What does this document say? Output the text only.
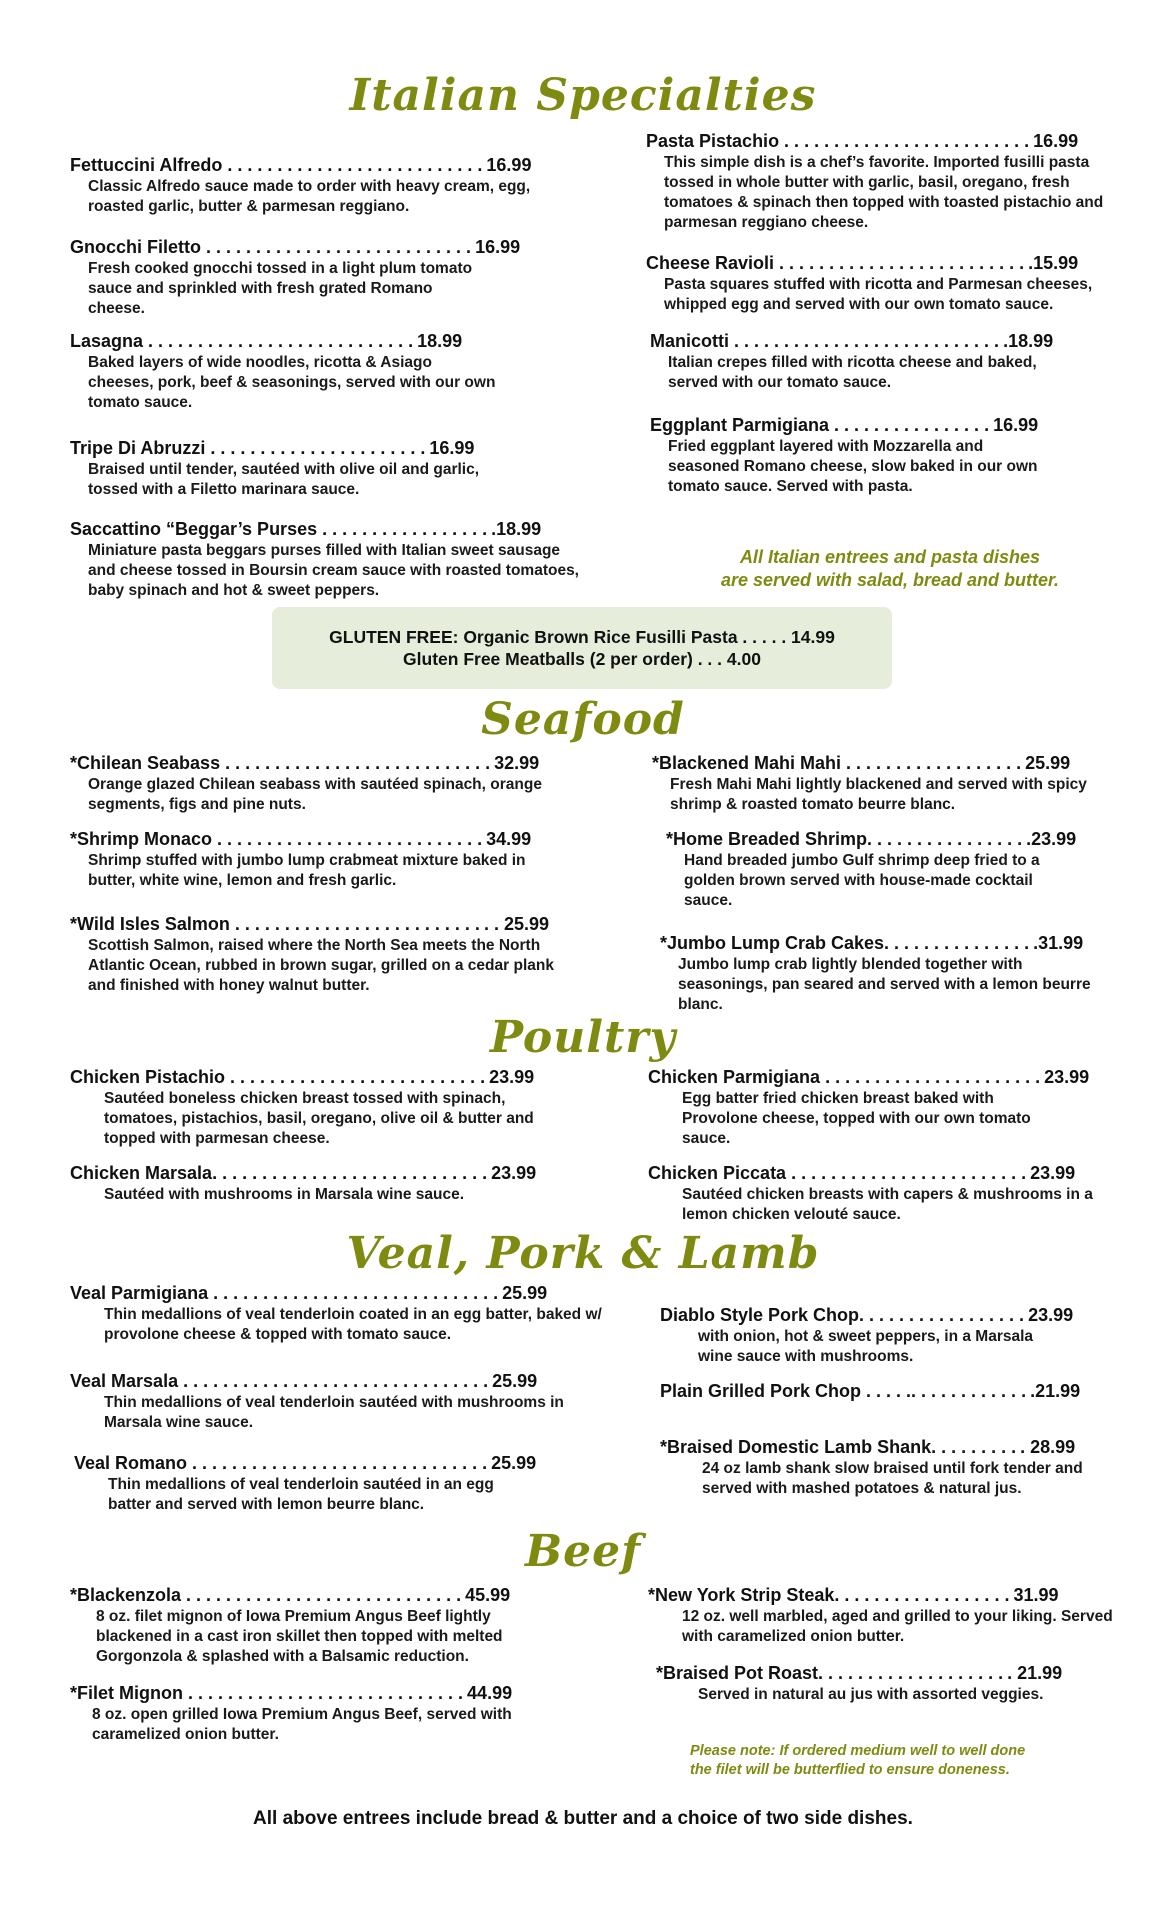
Italian Specialties
Fettuccini Alfredo . . . . . . . . . . . . . . . . . . . . . . . . . . 16.99
Classic Alfredo sauce made to order with heavy cream, egg, roasted garlic, butter & parmesan reggiano.
Gnocchi Filetto . . . . . . . . . . . . . . . . . . . . . . . . . . . 16.99
Fresh cooked gnocchi tossed in a light plum tomato sauce and sprinkled with fresh grated Romano cheese.
Lasagna . . . . . . . . . . . . . . . . . . . . . . . . . . . 18.99
Baked layers of wide noodles, ricotta & Asiago cheeses, pork, beef & seasonings, served with our own tomato sauce.
Tripe Di Abruzzi . . . . . . . . . . . . . . . . . . . . . . 16.99
Braised until tender, sautéed with olive oil and garlic, tossed with a Filetto marinara sauce.
Saccattino “Beggar’s Purses . . . . . . . . . . . . . . . . . .18.99
Miniature pasta beggars purses filled with Italian sweet sausage and cheese tossed in Boursin cream sauce with roasted tomatoes, baby spinach and hot & sweet peppers.
Pasta Pistachio . . . . . . . . . . . . . . . . . . . . . . . . . 16.99
This simple dish is a chef’s favorite. Imported fusilli pasta tossed in whole butter with garlic, basil, oregano, fresh tomatoes & spinach then topped with toasted pistachio and parmesan reggiano cheese.
Cheese Ravioli . . . . . . . . . . . . . . . . . . . . . . . . . .15.99
Pasta squares stuffed with ricotta and Parmesan cheeses, whipped egg and served with our own tomato sauce.
Manicotti . . . . . . . . . . . . . . . . . . . . . . . . . . . .18.99
Italian crepes filled with ricotta cheese and baked, served with our tomato sauce.
Eggplant Parmigiana . . . . . . . . . . . . . . . . 16.99
Fried eggplant layered with Mozzarella and seasoned Romano cheese, slow baked in our own tomato sauce. Served with pasta.
All Italian entrees and pasta dishes
are served with salad, bread and butter.
GLUTEN FREE: Organic Brown Rice Fusilli Pasta . . . . . 14.99
Gluten Free Meatballs (2 per order) . . . 4.00
Seafood
*Chilean Seabass . . . . . . . . . . . . . . . . . . . . . . . . . . . 32.99
Orange glazed Chilean seabass with sautéed spinach, orange segments, figs and pine nuts.
*Shrimp Monaco . . . . . . . . . . . . . . . . . . . . . . . . . . . 34.99
Shrimp stuffed with jumbo lump crabmeat mixture baked in butter, white wine, lemon and fresh garlic.
*Wild Isles Salmon . . . . . . . . . . . . . . . . . . . . . . . . . . . 25.99
Scottish Salmon, raised where the North Sea meets the North Atlantic Ocean, rubbed in brown sugar, grilled on a cedar plank and finished with honey walnut butter.
*Blackened Mahi Mahi . . . . . . . . . . . . . . . . . . 25.99
Fresh Mahi Mahi lightly blackened and served with spicy shrimp & roasted tomato beurre blanc.
*Home Breaded Shrimp. . . . . . . . . . . . . . . . .23.99
Hand breaded jumbo Gulf shrimp deep fried to a golden brown served with house-made cocktail sauce.
*Jumbo Lump Crab Cakes. . . . . . . . . . . . . . . .31.99
Jumbo lump crab lightly blended together with seasonings, pan seared and served with a lemon beurre blanc.
Poultry
Chicken Pistachio . . . . . . . . . . . . . . . . . . . . . . . . . . 23.99
Sautéed boneless chicken breast tossed with spinach, tomatoes, pistachios, basil, oregano, olive oil & butter and topped with parmesan cheese.
Chicken Marsala. . . . . . . . . . . . . . . . . . . . . . . . . . . . 23.99
Sautéed with mushrooms in Marsala wine sauce.
Chicken Parmigiana . . . . . . . . . . . . . . . . . . . . . . 23.99
Egg batter fried chicken breast baked with Provolone cheese, topped with our own tomato sauce.
Chicken Piccata . . . . . . . . . . . . . . . . . . . . . . . . 23.99
Sautéed chicken breasts with capers & mushrooms in a lemon chicken velouté sauce.
Veal, Pork & Lamb
Veal Parmigiana . . . . . . . . . . . . . . . . . . . . . . . . . . . . . 25.99
Thin medallions of veal tenderloin coated in an egg batter, baked w/ provolone cheese & topped with tomato sauce.
Veal Marsala . . . . . . . . . . . . . . . . . . . . . . . . . . . . . . . 25.99
Thin medallions of veal tenderloin sautéed with mushrooms in Marsala wine sauce.
Veal Romano . . . . . . . . . . . . . . . . . . . . . . . . . . . . . . 25.99
Thin medallions of veal tenderloin sautéed in an egg batter and served with lemon beurre blanc.
Diablo Style Pork Chop. . . . . . . . . . . . . . . . . 23.99
with onion, hot & sweet peppers, in a Marsala wine sauce with mushrooms.
Plain Grilled Pork Chop . . . . .. . . . . . . . . . . . .21.99
*Braised Domestic Lamb Shank. . . . . . . . . . 28.99
24 oz lamb shank slow braised until fork tender and served with mashed potatoes & natural jus.
Beef
*Blackenzola . . . . . . . . . . . . . . . . . . . . . . . . . . . . 45.99
8 oz. filet mignon of Iowa Premium Angus Beef lightly blackened in a cast iron skillet then topped with melted Gorgonzola & splashed with a Balsamic reduction.
*Filet Mignon . . . . . . . . . . . . . . . . . . . . . . . . . . . . 44.99
8 oz. open grilled Iowa Premium Angus Beef, served with caramelized onion butter.
*New York Strip Steak. . . . . . . . . . . . . . . . . . 31.99
12 oz. well marbled, aged and grilled to your liking. Served with caramelized onion butter.
*Braised Pot Roast. . . . . . . . . . . . . . . . . . . . 21.99
Served in natural au jus with assorted veggies.
Please note: If ordered medium well to well done
the filet will be butterflied to ensure doneness.
All above entrees include bread & butter and a choice of two side dishes.
